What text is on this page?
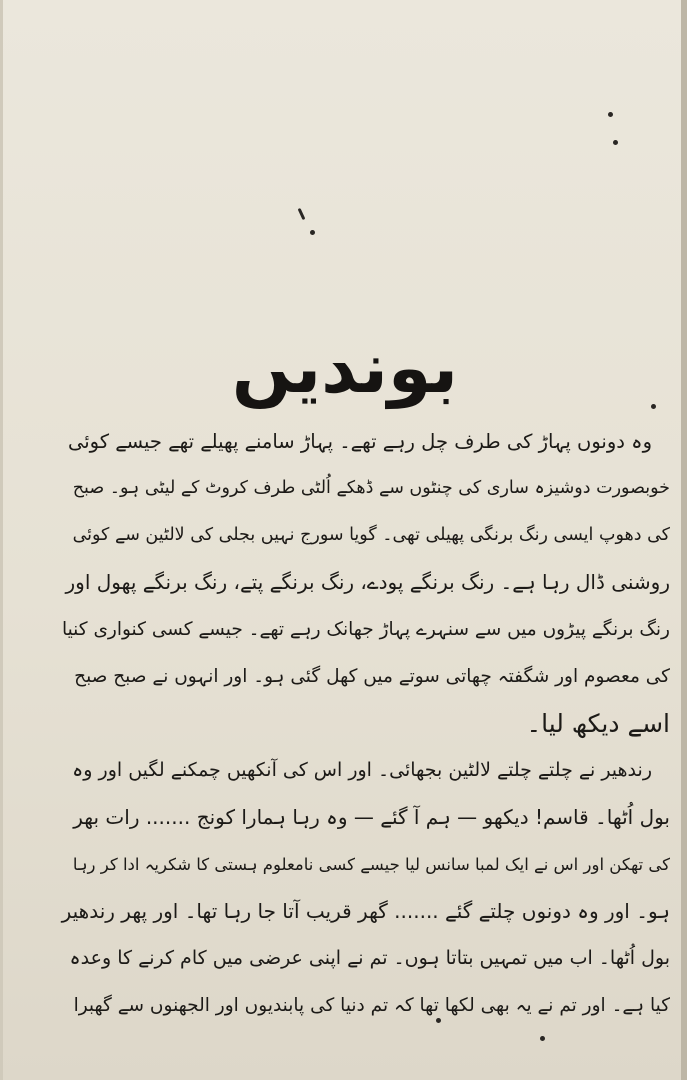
بوندیں
وہ دونوں پہاڑ کی طرف چل رہے تھے۔ پہاڑ سامنے پھیلے تھے جیسے کوئی
خوبصورت دوشیزہ ساری کی چنٹوں سے ڈھکے اُلٹی طرف کروٹ کے لیٹی ہو۔ صبح
کی دھوپ ایسی رنگ برنگی پھیلی تھی۔ گویا سورج نہیں بجلی کی لالٹین سے کوئی
روشنی ڈال رہا ہے۔ رنگ برنگے پودے، رنگ برنگے پتے، رنگ برنگے پھول اور
رنگ برنگے پیڑوں میں سے سنہرے پہاڑ جھانک رہے تھے۔ جیسے کسی کنواری کنیا
کی معصوم اور شگفتہ چھاتی سوتے میں کھل گئی ہو۔ اور انہوں نے صبح صبح
اسے دیکھ لیا۔
رندھیر نے چلتے چلتے لالٹین بجھائی۔ اور اس کی آنکھیں چمکنے لگیں اور وہ
بول اُٹھا۔ قاسم! دیکھو — ہم آ گئے — وہ رہا ہمارا کونج ....... رات بھر
کی تھکن اور اس نے ایک لمبا سانس لیا جیسے کسی نامعلوم ہستی کا شکریہ ادا کر رہا
ہو۔ اور وہ دونوں چلتے گئے ....... گھر قریب آتا جا رہا تھا۔ اور پھر رندھیر
بول اُٹھا۔ اب میں تمہیں بتاتا ہوں۔ تم نے اپنی عرضی میں کام کرنے کا وعدہ
کیا ہے۔ اور تم نے یہ بھی لکھا تھا کہ تم دنیا کی پابندیوں اور الجھنوں سے گھبرا
